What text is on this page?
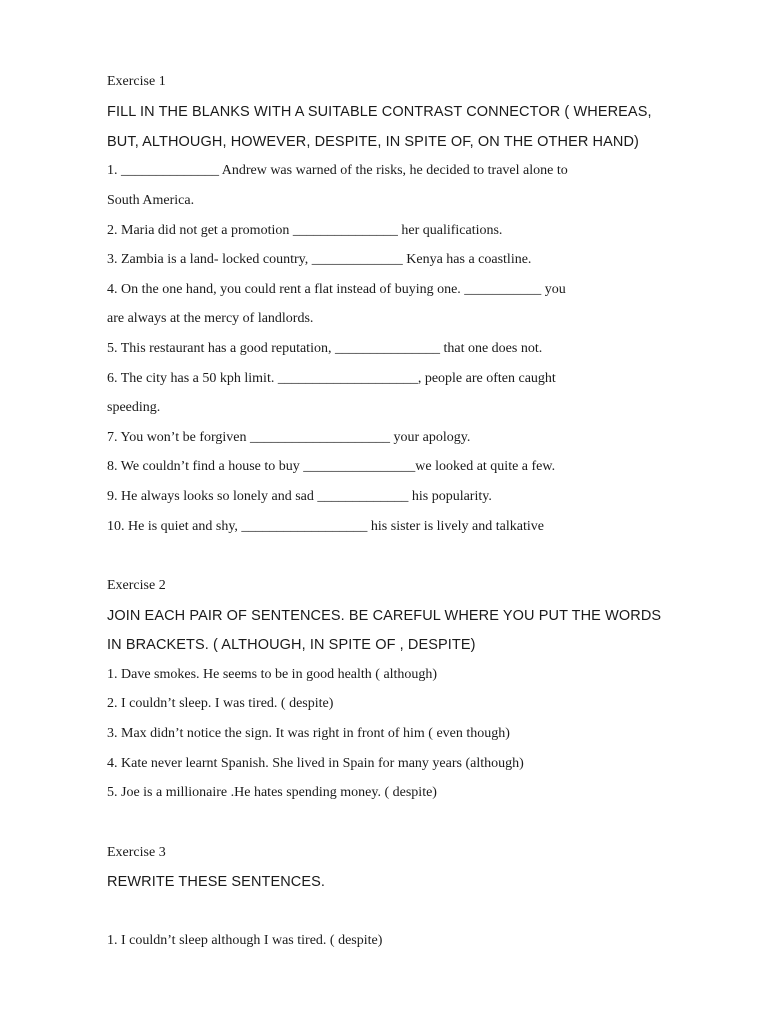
Exercise 1
FILL IN THE BLANKS WITH A SUITABLE CONTRAST CONNECTOR ( WHEREAS,
BUT, ALTHOUGH, HOWEVER, DESPITE, IN SPITE OF, ON THE OTHER HAND)
1. ______________ Andrew was warned of the risks, he decided to travel alone to
South America.
2. Maria did not get a promotion _______________ her qualifications.
3. Zambia is a land- locked country, _____________ Kenya has a coastline.
4. On the one hand, you could rent a flat instead of buying one. ___________ you
are always at the mercy of landlords.
5. This restaurant has a good reputation, _______________ that one does not.
6. The city has a 50 kph limit. ____________________, people are often caught
speeding.
7. You won’t be forgiven ____________________ your apology.
8. We couldn’t find a house to buy ________________we looked at quite a few.
9. He always looks so lonely and sad _____________ his popularity.
10. He is quiet and shy, __________________ his sister is lively and talkative
Exercise 2
JOIN EACH PAIR OF SENTENCES. BE CAREFUL WHERE YOU PUT THE WORDS
IN BRACKETS. ( ALTHOUGH, IN SPITE OF , DESPITE)
1. Dave smokes. He seems to be in good health ( although)
2. I couldn’t sleep. I was tired. ( despite)
3. Max didn’t notice the sign. It was right in front of him ( even though)
4. Kate never learnt Spanish. She lived in Spain for many years (although)
5. Joe is a millionaire .He hates spending money. ( despite)
Exercise 3
REWRITE THESE SENTENCES.
1. I couldn’t sleep although I was tired. ( despite)
